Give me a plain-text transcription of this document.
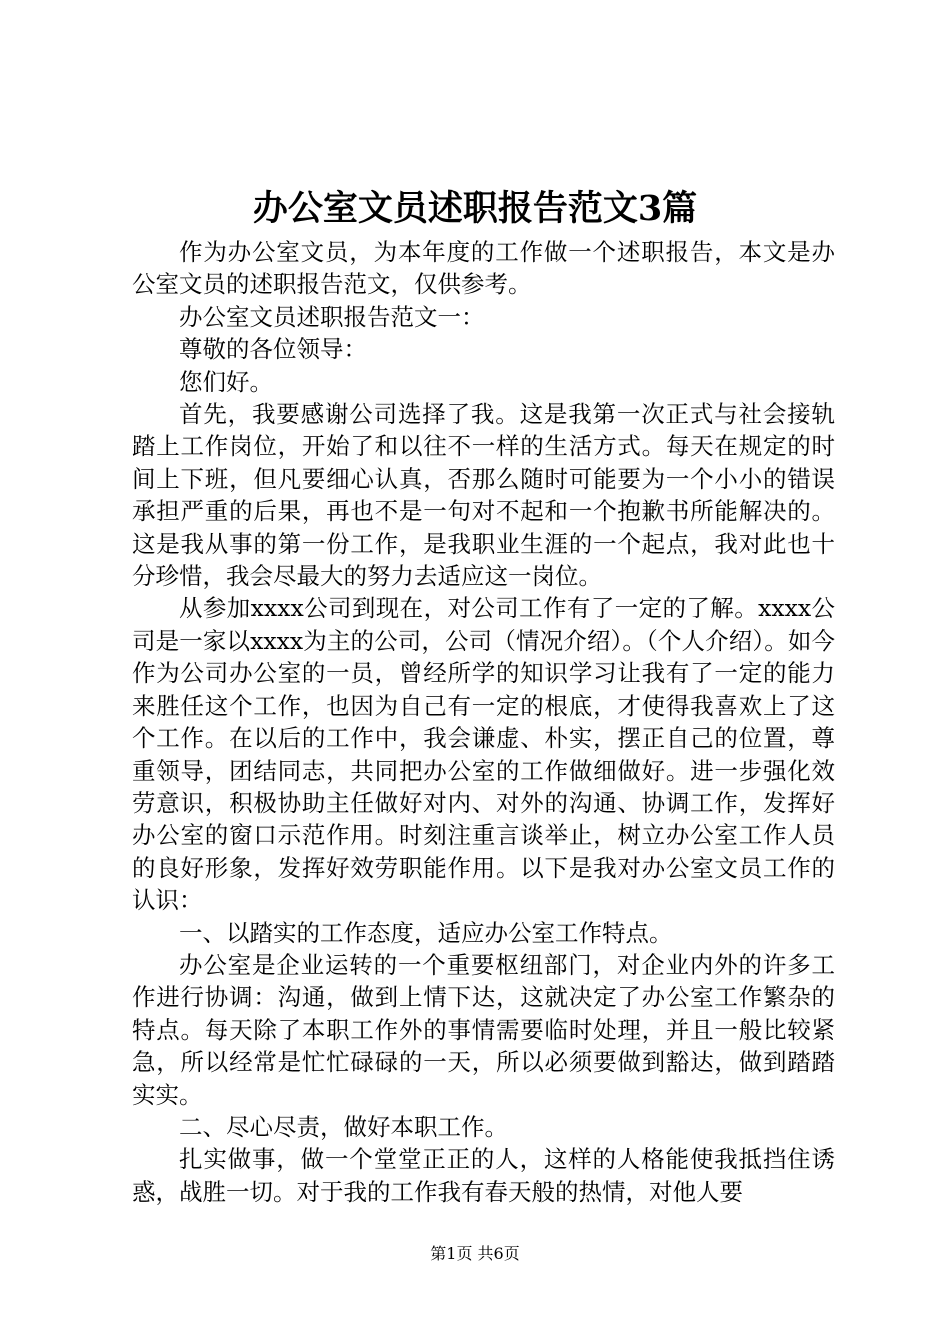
办公室文员述职报告范文3篇

作为办公室文员，为本年度的工作做一个述职报告，本文是办公室文员的述职报告范文，仅供参考。

办公室文员述职报告范文一：

尊敬的各位领导：

您们好。

首先，我要感谢公司选择了我。这是我第一次正式与社会接轨踏上工作岗位，开始了和以往不一样的生活方式。每天在规定的时间上下班，但凡要细心认真，否那么随时可能要为一个小小的错误承担严重的后果，再也不是一句对不起和一个抱歉书所能解决的。这是我从事的第一份工作，是我职业生涯的一个起点，我对此也十分珍惜，我会尽最大的努力去适应这一岗位。

从参加xxxx公司到现在，对公司工作有了一定的了解。xxxx公司是一家以xxxx为主的公司，公司（情况介绍）。（个人介绍）。如今作为公司办公室的一员，曾经所学的知识学习让我有了一定的能力来胜任这个工作，也因为自己有一定的根底，才使得我喜欢上了这个工作。在以后的工作中，我会谦虚、朴实，摆正自己的位置，尊重领导，团结同志，共同把办公室的工作做细做好。进一步强化效劳意识，积极协助主任做好对内、对外的沟通、协调工作，发挥好办公室的窗口示范作用。时刻注重言谈举止，树立办公室工作人员的良好形象，发挥好效劳职能作用。以下是我对办公室文员工作的认识：

一、以踏实的工作态度，适应办公室工作特点。

办公室是企业运转的一个重要枢纽部门，对企业内外的许多工作进行协调：沟通，做到上情下达，这就决定了办公室工作繁杂的特点。每天除了本职工作外的事情需要临时处理，并且一般比较紧急，所以经常是忙忙碌碌的一天，所以必须要做到豁达，做到踏踏实实。

二、尽心尽责，做好本职工作。

扎实做事，做一个堂堂正正的人，这样的人格能使我抵挡住诱惑，战胜一切。对于我的工作我有春天般的热情，对他人要

第1页 共6页
